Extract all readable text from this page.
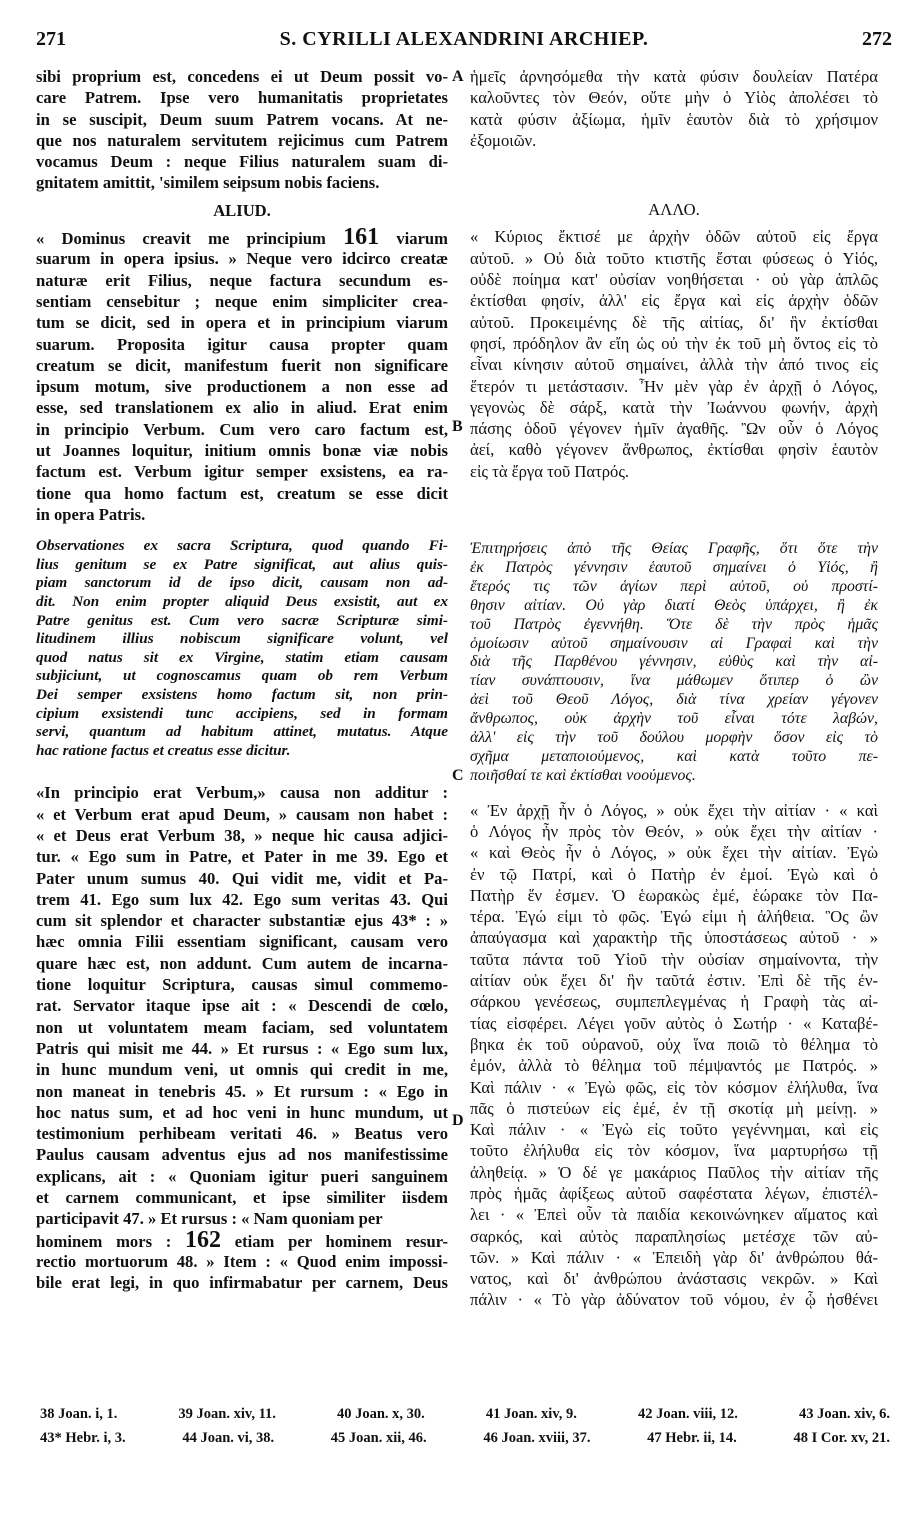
271	S. CYRILLI ALEXANDRINI ARCHIEP.	272
A
B
C
D
sibi proprium est, concedens ei ut Deum possit vo-
care Patrem. Ipse vero humanitatis proprietates
in se suscipit, Deum suum Patrem vocans. At ne-
que nos naturalem servitutem rejicimus cum Patrem
vocamus Deum : neque Filius naturalem suam di-
gnitatem amittit, 'similem seipsum nobis faciens.
ALIUD.
« Dominus creavit me principium 161 viarum
suarum in opera ipsius. » Neque vero idcirco creatæ
naturæ erit Filius, neque factura secundum es-
sentiam censebitur ; neque enim simpliciter crea-
tum se dicit, sed in opera et in principium viarum
suarum. Proposita igitur causa propter quam
creatum se dicit, manifestum fuerit non significare
ipsum motum, sive productionem a non esse ad
esse, sed translationem ex alio in aliud. Erat enim
in principio Verbum. Cum vero caro factum est,
ut Joannes loquitur, initium omnis bonæ viæ nobis
factum est. Verbum igitur semper exsistens, ea ra-
tione qua homo factum est, creatum se esse dicit
in opera Patris.
Observationes ex sacra Scriptura, quod quando Fi-
lius genitum se ex Patre significat, aut alius quis-
piam sanctorum id de ipso dicit, causam non ad-
dit. Non enim propter aliquid Deus exsistit, aut ex
Patre genitus est. Cum vero sacræ Scripturæ simi-
litudinem illius nobiscum significare volunt, vel
quod natus sit ex Virgine, statim etiam causam
subjiciunt, ut cognoscamus quam ob rem Verbum
Dei semper exsistens homo factum sit, non prin-
cipium exsistendi tunc accipiens, sed in formam
servi, quantum ad habitum attinet, mutatus. Atque
hac ratione factus et creatus esse dicitur.
«In principio erat Verbum,» causa non additur :
« et Verbum erat apud Deum, » causam non habet :
« et Deus erat Verbum 38, » neque hic causa adjici-
tur. « Ego sum in Patre, et Pater in me 39. Ego et
Pater unum sumus 40. Qui vidit me, vidit et Pa-
trem 41. Ego sum lux 42. Ego sum veritas 43. Qui
cum sit splendor et character substantiæ ejus 43* : »
hæc omnia Filii essentiam significant, causam vero
quare hæc est, non addunt. Cum autem de incarna-
tione loquitur Scriptura, causas simul commemo-
rat. Servator itaque ipse ait : « Descendi de cœlo,
non ut voluntatem meam faciam, sed voluntatem
Patris qui misit me 44. » Et rursus : « Ego sum lux,
in hunc mundum veni, ut omnis qui credit in me,
non maneat in tenebris 45. » Et rursum : « Ego in
hoc natus sum, et ad hoc veni in hunc mundum, ut
testimonium perhibeam veritati 46. » Beatus vero
Paulus causam adventus ejus ad nos manifestissime
explicans, ait : « Quoniam igitur pueri sanguinem
et carnem communicant, et ipse similiter iisdem
participavit 47. » Et rursus : « Nam quoniam per
hominem mors : 162 etiam per hominem resur-
rectio mortuorum 48. » Item : « Quod enim impossi-
bile erat legi, in quo infirmabatur per carnem, Deus
ἡμεῖς ἀρνησόμεθα τὴν κατὰ φύσιν δουλείαν Πατέρα
καλοῦντες τὸν Θεόν, οὔτε μὴν ὁ Υἱὸς ἀπολέσει τὸ
κατὰ φύσιν ἀξίωμα, ἡμῖν ἑαυτὸν διὰ τὸ χρήσιμον
ἐξομοιῶν.
ΑΛΛΟ.
« Κύριος ἔκτισέ με ἀρχὴν ὁδῶν αὐτοῦ εἰς ἔργα
αὐτοῦ. » Οὐ διὰ τοῦτο κτιστῆς ἔσται φύσεως ὁ Υἱός,
οὐδὲ ποίημα κατ' οὐσίαν νοηθήσεται · οὐ γὰρ ἁπλῶς
ἐκτίσθαι φησίν, ἀλλ' εἰς ἔργα καὶ εἰς ἀρχὴν ὁδῶν
αὐτοῦ. Προκειμένης δὲ τῆς αἰτίας, δι' ἣν ἐκτίσθαι
φησί, πρόδηλον ἂν εἴη ὡς οὐ τὴν ἐκ τοῦ μὴ ὄντος εἰς τὸ
εἶναι κίνησιν αὐτοῦ σημαίνει, ἀλλὰ τὴν ἀπό τινος εἰς
ἕτερόν τι μετάστασιν. Ἦν μὲν γὰρ ἐν ἀρχῇ ὁ Λόγος,
γεγονὼς δὲ σάρξ, κατὰ τὴν Ἰωάννου φωνήν, ἀρχὴ
πάσης ὁδοῦ γέγονεν ἡμῖν ἀγαθῆς. Ὢν οὖν ὁ Λόγος
ἀεί, καθὸ γέγονεν ἄνθρωπος, ἐκτίσθαι φησὶν ἑαυτὸν
εἰς τὰ ἔργα τοῦ Πατρός.
Ἐπιτηρήσεις ἀπὸ τῆς Θείας Γραφῆς, ὅτι ὅτε τὴν
ἐκ Πατρὸς γέννησιν ἑαυτοῦ σημαίνει ὁ Υἱός, ἢ
ἕτερός τις τῶν ἁγίων περὶ αὐτοῦ, οὐ προστί-
θησιν αἰτίαν. Οὐ γὰρ διατί Θεὸς ὑπάρχει, ἢ ἐκ
τοῦ Πατρὸς ἐγεννήθη. Ὅτε δὲ τὴν πρὸς ἡμᾶς
ὁμοίωσιν αὐτοῦ σημαίνουσιν αἱ Γραφαὶ καὶ τὴν
διὰ τῆς Παρθένου γέννησιν, εὐθὺς καὶ τὴν αἰ-
τίαν συνάπτουσιν, ἵνα μάθωμεν ὅτιπερ ὁ ὢν
ἀεὶ τοῦ Θεοῦ Λόγος, διὰ τίνα χρείαν γέγονεν
ἄνθρωπος, οὐκ ἀρχὴν τοῦ εἶναι τότε λαβών,
ἀλλ' εἰς τὴν τοῦ δούλου μορφὴν ὅσον εἰς τὸ
σχῆμα μεταποιούμενος, καὶ κατὰ τοῦτο πε-
ποιῆσθαί τε καὶ ἐκτίσθαι νοούμενος.
« Ἐν ἀρχῇ ἦν ὁ Λόγος, » οὐκ ἔχει τὴν αἰτίαν · « καὶ
ὁ Λόγος ἦν πρὸς τὸν Θεόν, » οὐκ ἔχει τὴν αἰτίαν ·
« καὶ Θεὸς ἦν ὁ Λόγος, » οὐκ ἔχει τὴν αἰτίαν. Ἐγὼ
ἐν τῷ Πατρί, καὶ ὁ Πατὴρ ἐν ἐμοί. Ἐγὼ καὶ ὁ
Πατὴρ ἕν ἐσμεν. Ὁ ἑωρακὼς ἐμέ, ἑώρακε τὸν Πα-
τέρα. Ἐγώ εἰμι τὸ φῶς. Ἐγώ εἰμι ἡ ἀλήθεια. Ὃς ὢν
ἀπαύγασμα καὶ χαρακτὴρ τῆς ὑποστάσεως αὐτοῦ · »
ταῦτα πάντα τοῦ Υἱοῦ τὴν οὐσίαν σημαίνοντα, τὴν
αἰτίαν οὐκ ἔχει δι' ἣν ταῦτά ἐστιν. Ἐπὶ δὲ τῆς ἐν-
σάρκου γενέσεως, συμπεπλεγμένας ἡ Γραφὴ τὰς αἰ-
τίας εἰσφέρει. Λέγει γοῦν αὐτὸς ὁ Σωτήρ · « Καταβέ-
βηκα ἐκ τοῦ οὐρανοῦ, οὐχ ἵνα ποιῶ τὸ θέλημα τὸ
ἐμόν, ἀλλὰ τὸ θέλημα τοῦ πέμψαντός με Πατρός. »
Καὶ πάλιν · « Ἐγὼ φῶς, εἰς τὸν κόσμον ἐλήλυθα, ἵνα
πᾶς ὁ πιστεύων εἰς ἐμέ, ἐν τῇ σκοτίᾳ μὴ μείνῃ. »
Καὶ πάλιν · « Ἐγὼ εἰς τοῦτο γεγέννημαι, καὶ εἰς
τοῦτο ἐλήλυθα εἰς τὸν κόσμον, ἵνα μαρτυρήσω τῇ
ἀληθείᾳ. » Ὁ δέ γε μακάριος Παῦλος τὴν αἰτίαν τῆς
πρὸς ἡμᾶς ἀφίξεως αὐτοῦ σαφέστατα λέγων, ἐπιστέλ-
λει · « Ἐπεὶ οὖν τὰ παιδία κεκοινώνηκεν αἵματος καὶ
σαρκός, καὶ αὐτὸς παραπλησίως μετέσχε τῶν αὐ-
τῶν. » Καὶ πάλιν · « Ἐπειδὴ γὰρ δι' ἀνθρώπου θά-
νατος, καὶ δι' ἀνθρώπου ἀνάστασις νεκρῶν. » Καὶ
πάλιν · « Τὸ γὰρ ἀδύνατον τοῦ νόμου, ἐν ᾧ ἠσθένει
38 Joan. i, 1.	39 Joan. xiv, 11.	40 Joan. x, 30.	41 Joan. xiv, 9.	42 Joan. viii, 12.	43 Joan. xiv, 6.
43* Hebr. i, 3.	44 Joan. vi, 38.	45 Joan. xii, 46.	46 Joan. xviii, 37.	47 Hebr. ii, 14.	48 I Cor. xv, 21.
